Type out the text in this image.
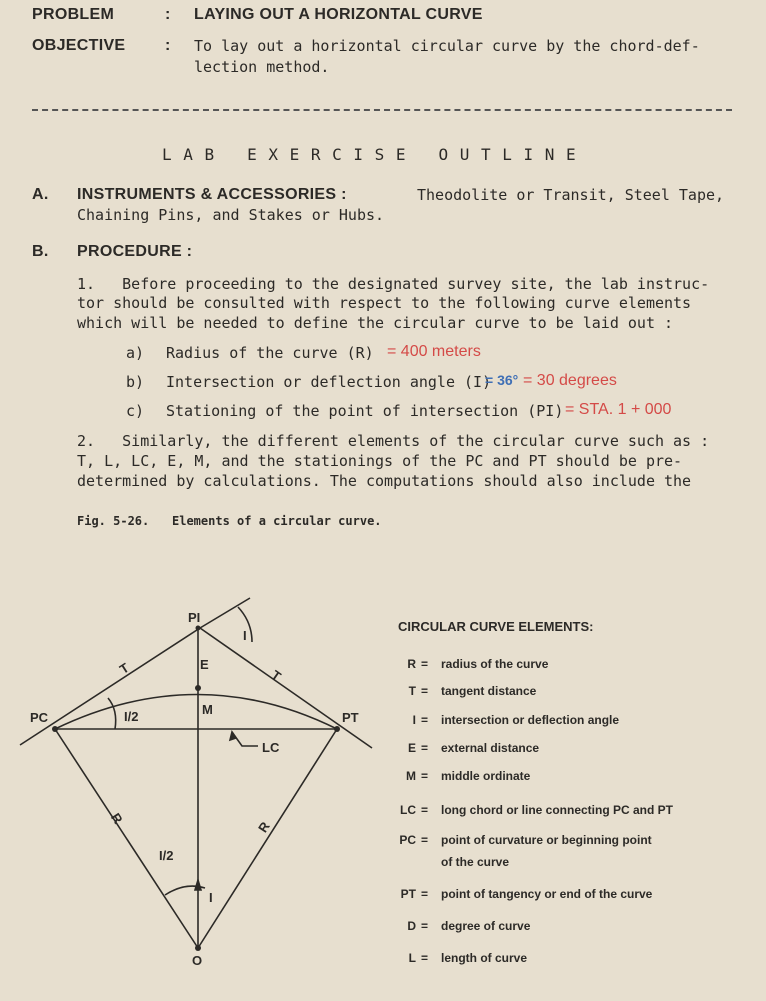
PROBLEM	: LAYING OUT A HORIZONTAL CURVE
OBJECTIVE : To lay out a horizontal circular curve by the chord-def-
lection method.
L A B   E X E R C I S E   O U T L I N E
A. INSTRUMENTS & ACCESSORIES :	Theodolite or Transit, Steel Tape,
Chaining Pins, and Stakes or Hubs.
B. PROCEDURE :
1.   Before proceeding to the designated survey site, the lab instruc-
tor should be consulted with respect to the following curve elements
which will be needed to define the circular curve to be laid out :
a) Radius of the curve (R) = 400 meters
b) Intersection or deflection angle (I)
= 36° = 30 degrees
c) Stationing of the point of intersection (PI) = STA. 1 + 000
2.   Similarly, the different elements of the circular curve such as :
T, L, LC, E, M, and the stationings of the PC and PT should be pre-
determined by calculations. The computations should also include the
Fig. 5-26. Elements of a circular curve.
PI
PC	PT
O
E
M
LC
I/2
I/2
I
I
R
R
T	T
CIRCULAR CURVE ELEMENTS:
R = radius of the curve
T = tangent distance
I = intersection or deflection angle
E = external distance
M = middle ordinate
LC = long chord or line connecting PC and PT
PC = point of curvature or beginning point
of the curve
PT = point of tangency or end of the curve
D = degree of curve
L = length of curve
